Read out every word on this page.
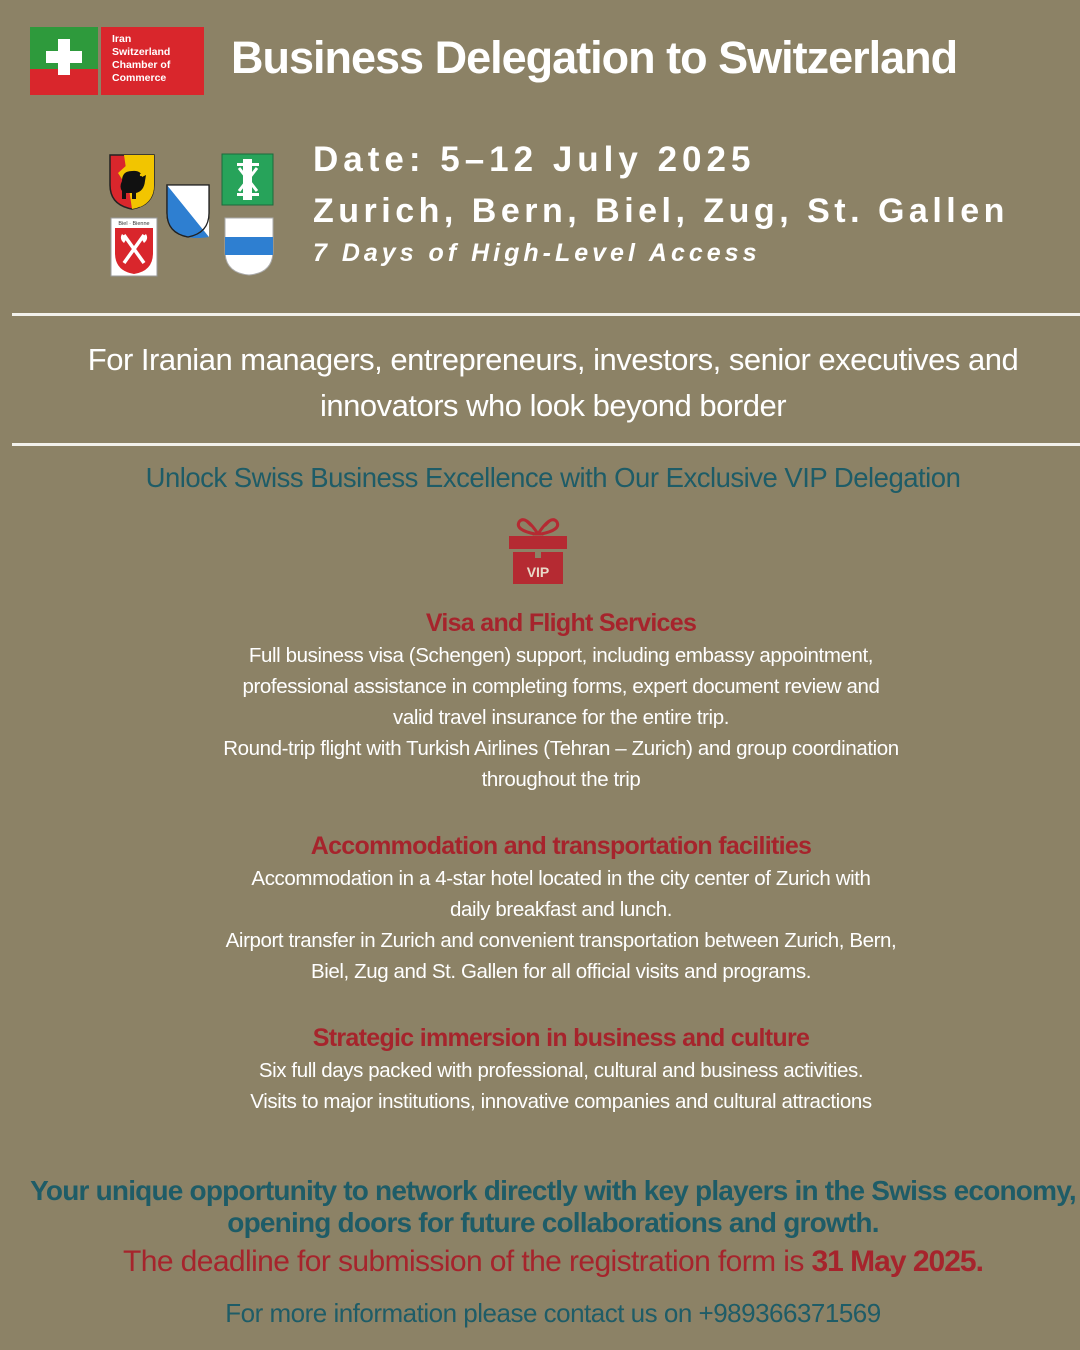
Iran
Switzerland
Chamber of
Commerce	Business Delegation to Switzerland
Biel · Bienne
Date: 5–12 July 2025
Zurich, Bern, Biel, Zug, St. Gallen
7 Days of High-Level Access
For Iranian managers, entrepreneurs, investors, senior executives and innovators who look beyond border
Unlock Swiss Business Excellence with Our Exclusive VIP Delegation
VIP
Visa and Flight Services

Full business visa (Schengen) support, including embassy appointment,

professional assistance in completing forms, expert document review and

valid travel insurance for the entire trip.

Round-trip flight with Turkish Airlines (Tehran – Zurich) and group coordination

throughout the trip

Accommodation and transportation facilities

Accommodation in a 4-star hotel located in the city center of Zurich with

daily breakfast and lunch.

Airport transfer in Zurich and convenient transportation between Zurich, Bern,

Biel, Zug and St. Gallen for all official visits and programs.

Strategic immersion in business and culture

Six full days packed with professional, cultural and business activities.

Visits to major institutions, innovative companies and cultural attractions

Your unique opportunity to network directly with key players in the Swiss economy, opening doors for future collaborations and growth.
The deadline for submission of the registration form is 31 May 2025.
For more information please contact us on +989366371569
